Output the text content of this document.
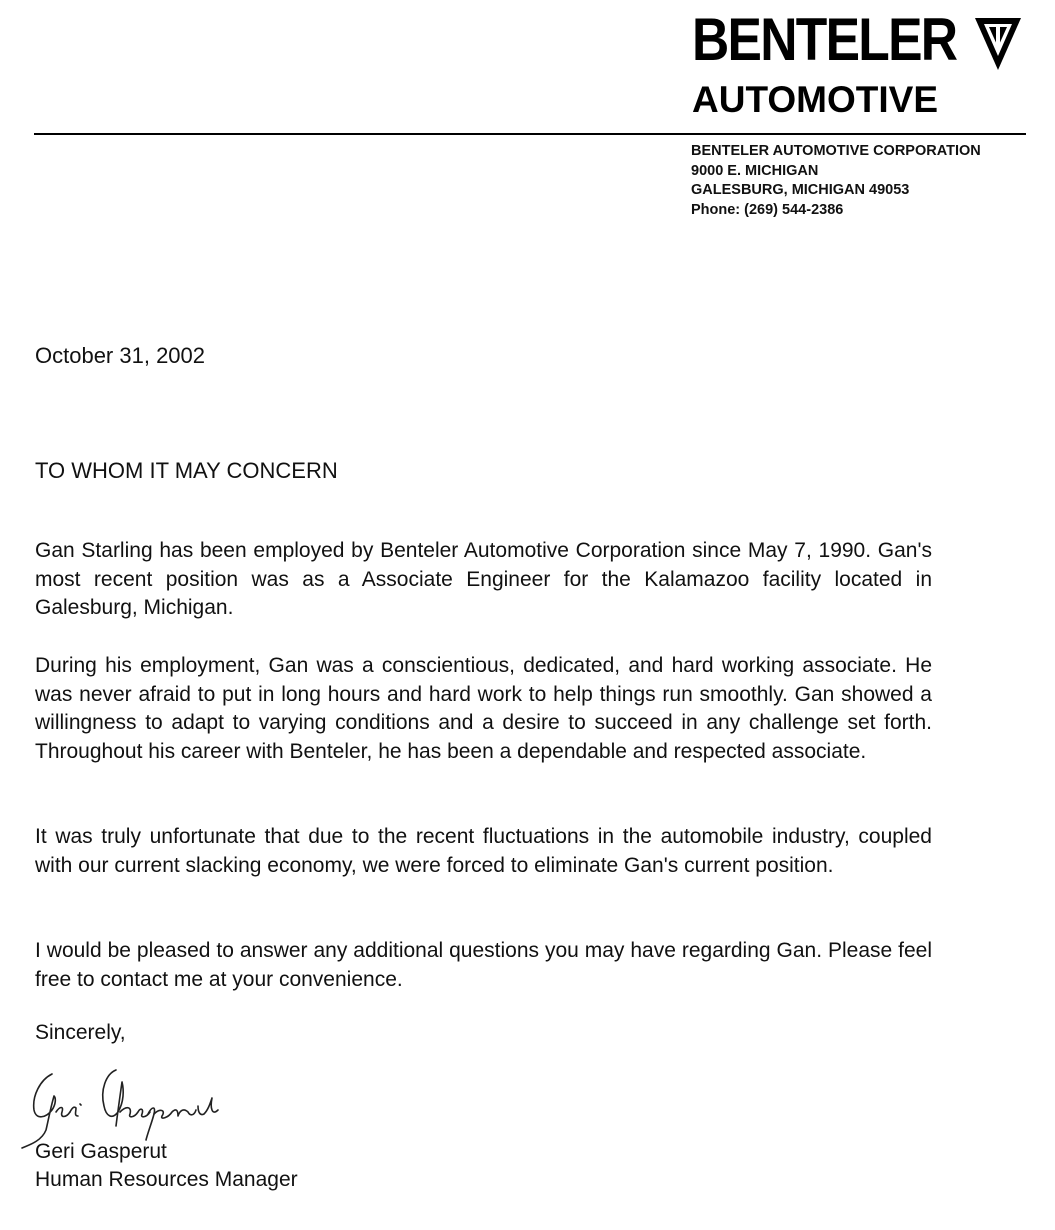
BENTELER
AUTOMOTIVE
BENTELER AUTOMOTIVE CORPORATION
9000 E. MICHIGAN
GALESBURG, MICHIGAN 49053
Phone: (269) 544-2386
October 31, 2002
TO WHOM IT MAY CONCERN
Gan Starling has been employed by Benteler Automotive Corporation since May 7, 1990. Gan's most recent position was as a Associate Engineer for the Kalamazoo facility located in Galesburg, Michigan.
During his employment, Gan was a conscientious, dedicated, and hard working associate. He was never afraid to put in long hours and hard work to help things run smoothly. Gan showed a willingness to adapt to varying conditions and a desire to succeed in any challenge set forth. Throughout his career with Benteler, he has been a dependable and respected associate.
It was truly unfortunate that due to the recent fluctuations in the automobile industry, coupled with our current slacking economy, we were forced to eliminate Gan's current position.
I would be pleased to answer any additional questions you may have regarding Gan. Please feel free to contact me at your convenience.
Sincerely,
Geri Gasperut
Human Resources Manager
